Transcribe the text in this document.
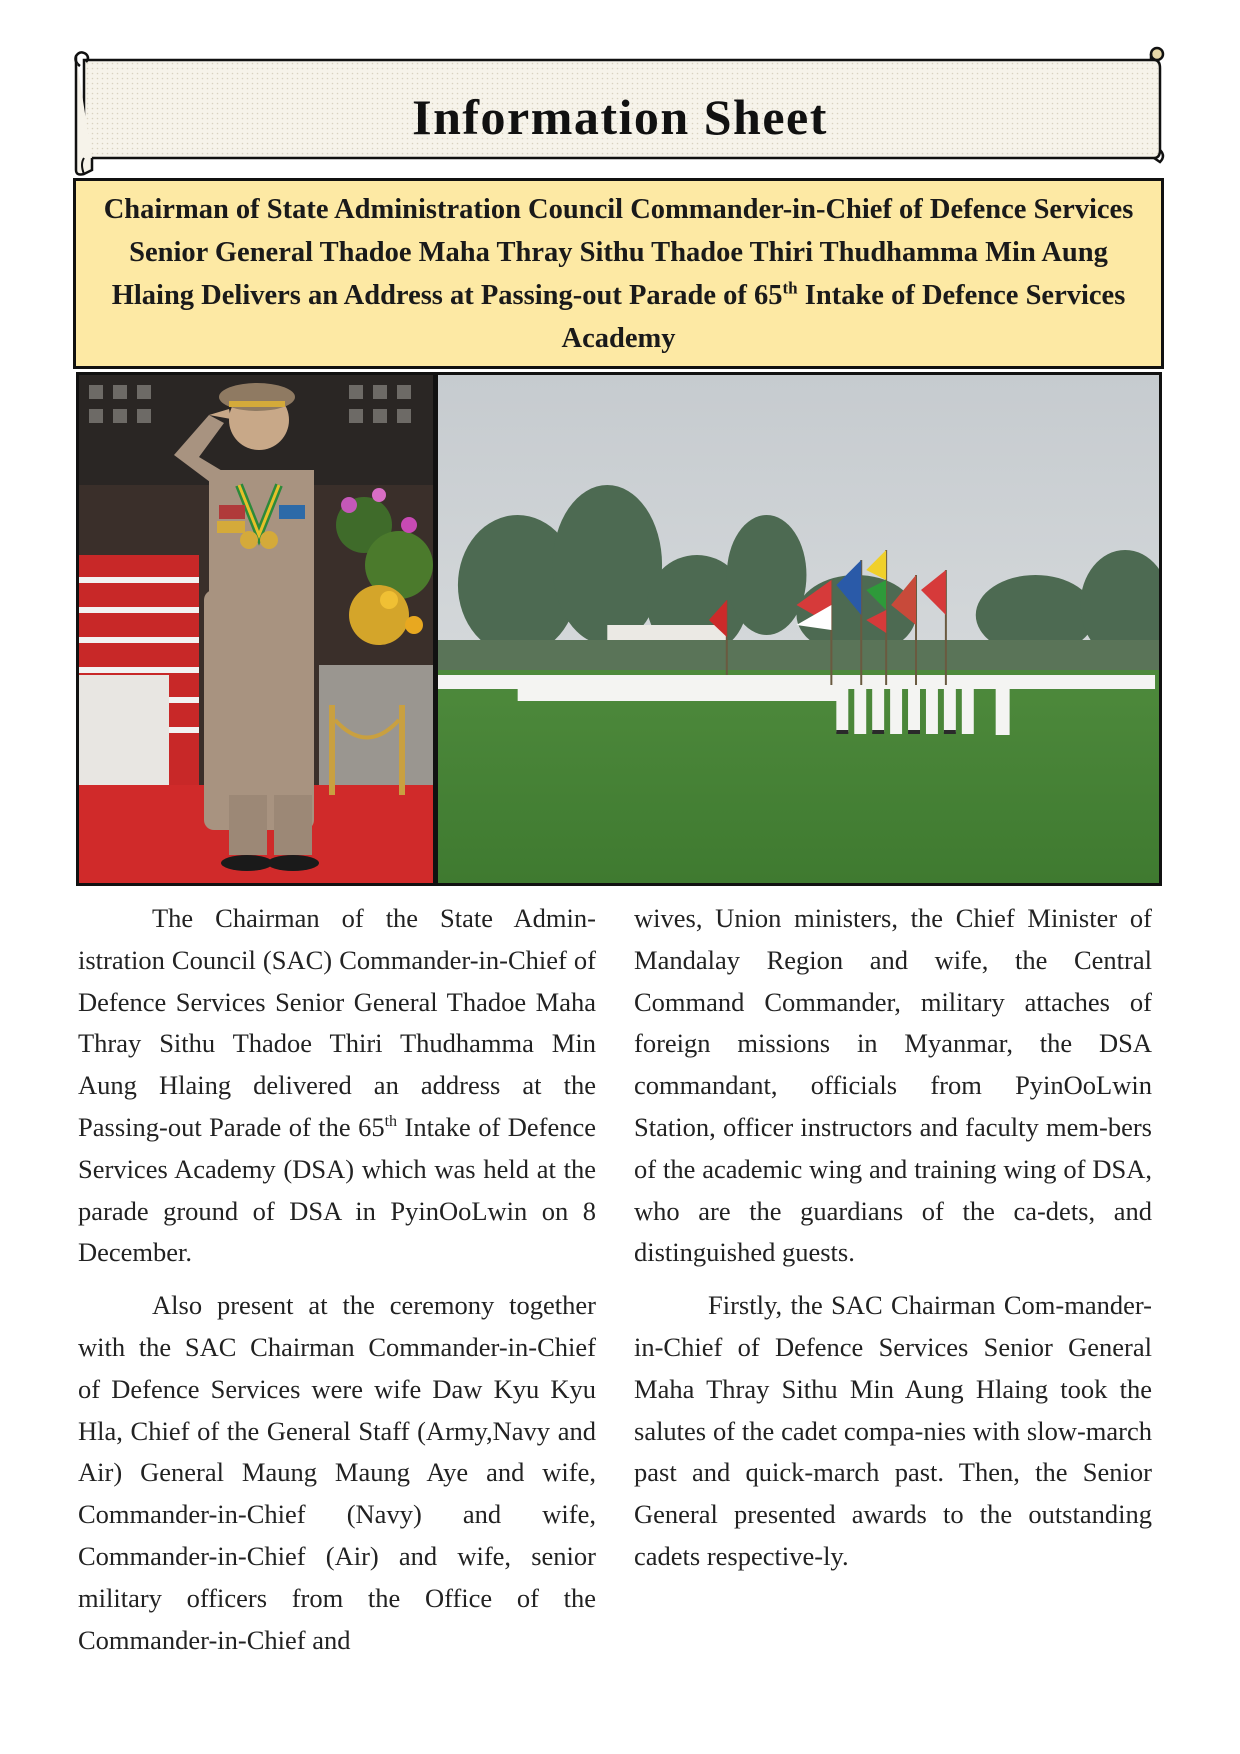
Information Sheet

Chairman of State Administration Council Commander-in-Chief of Defence Services Senior General Thadoe Maha Thray Sithu Thadoe Thiri Thudhamma Min Aung Hlaing Delivers an Address at Passing-out Parade of 65th Intake of Defence Services Academy

The Chairman of the State Admin-istration Council (SAC) Commander-in-Chief of Defence Services Senior General Thadoe Maha Thray Sithu Thadoe Thiri Thudhamma Min Aung Hlaing delivered an address at the Passing-out Parade of the 65th Intake of Defence Services Academy (DSA) which was held at the parade ground of DSA in PyinOoLwin on 8 December.

Also present at the ceremony together with the SAC Chairman Commander-in-Chief of Defence Services were wife Daw Kyu Kyu Hla, Chief of the General Staff (Army,Navy and Air) General Maung Maung Aye and wife, Commander-in-Chief (Navy) and wife, Commander-in-Chief (Air) and wife, senior military officers from the Office of the Commander-in-Chief and

wives, Union ministers, the Chief Minister of Mandalay Region and wife, the Central Command Commander, military attaches of foreign missions in Myanmar, the DSA commandant, officials from PyinOoLwin Station, officer instructors and faculty mem-bers of the academic wing and training wing of DSA, who are the guardians of the ca-dets, and distinguished guests.

Firstly, the SAC Chairman Com-mander-in-Chief of Defence Services Senior General Maha Thray Sithu Min Aung Hlaing took the salutes of the cadet compa-nies with slow-march past and quick-march past. Then, the Senior General presented awards to the outstanding cadets respective-ly.
